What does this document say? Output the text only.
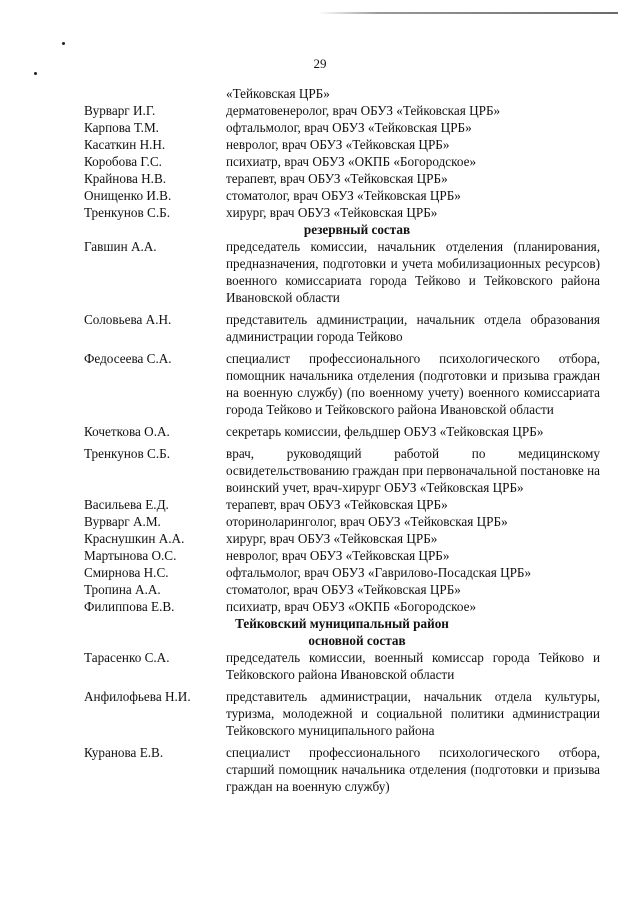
29
«Тейковская ЦРБ»
Вурварг И.Г.	дерматовенеролог, врач ОБУЗ «Тейковская ЦРБ»
Карпова Т.М.	офтальмолог, врач ОБУЗ «Тейковская ЦРБ»
Касаткин Н.Н.	невролог, врач ОБУЗ «Тейковская ЦРБ»
Коробова Г.С.	психиатр, врач ОБУЗ «ОКПБ «Богородское»
Крайнова Н.В.	терапевт, врач ОБУЗ «Тейковская ЦРБ»
Онищенко И.В.	стоматолог, врач ОБУЗ «Тейковская ЦРБ»
Тренкунов С.Б.	хирург, врач ОБУЗ «Тейковская ЦРБ»
резервный состав
Гавшин А.А.	председатель комиссии, начальник отделения (планирования, предназначения, подготовки и учета мобилизационных ресурсов) военного комиссариата города Тейково и Тейковского района Ивановской области
Соловьева А.Н.	представитель администрации, начальник отдела образования администрации города Тейково
Федосеева С.А.	специалист профессионального психологического отбора, помощник начальника отделения (подготовки и призыва граждан на военную службу) (по военному учету) военного комиссариата города Тейково и Тейковского района Ивановской области
Кочеткова О.А.	секретарь комиссии, фельдшер ОБУЗ «Тейковская ЦРБ»
Тренкунов С.Б.	врач, руководящий работой по медицинскому освидетельствованию граждан при первоначальной постановке на воинский учет, врач-хирург ОБУЗ «Тейковская ЦРБ»
Васильева Е.Д.	терапевт, врач ОБУЗ «Тейковская ЦРБ»
Вурварг А.М.	оториноларинголог, врач ОБУЗ «Тейковская ЦРБ»
Краснушкин А.А.	хирург, врач ОБУЗ «Тейковская ЦРБ»
Мартынова О.С.	невролог, врач ОБУЗ «Тейковская ЦРБ»
Смирнова Н.С.	офтальмолог, врач ОБУЗ «Гаврилово-Посадская ЦРБ»
Тропина А.А.	стоматолог, врач ОБУЗ «Тейковская ЦРБ»
Филиппова Е.В.	психиатр, врач ОБУЗ «ОКПБ «Богородское»
Тейковский муниципальный район
основной состав
Тарасенко С.А.	председатель комиссии, военный комиссар города Тейково и Тейковского района Ивановской области
Анфилофьева Н.И.	представитель администрации, начальник отдела культуры, туризма, молодежной и социальной политики администрации Тейковского муниципального района
Куранова Е.В.	специалист профессионального психологического отбора, старший помощник начальника отделения (подготовки и призыва граждан на военную службу)
